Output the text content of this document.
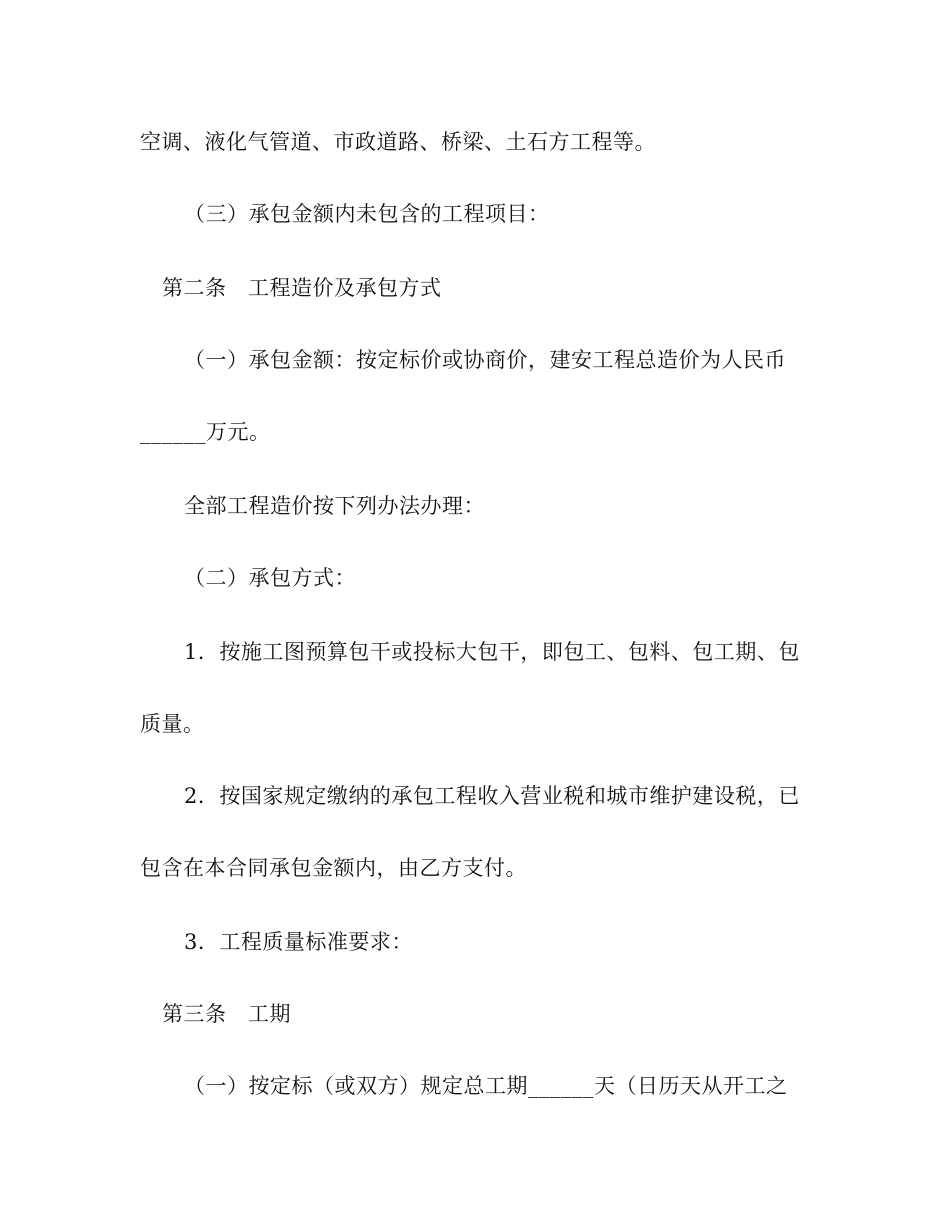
空调、液化气管道、市政道路、桥梁、土石方工程等。

（三）承包金额内未包含的工程项目：

第二条　工程造价及承包方式

（一）承包金额：按定标价或协商价，建安工程总造价为人民币

______万元。

全部工程造价按下列办法办理：

（二）承包方式：

1．按施工图预算包干或投标大包干，即包工、包料、包工期、包

质量。

2．按国家规定缴纳的承包工程收入营业税和城市维护建设税，已

包含在本合同承包金额内，由乙方支付。

3．工程质量标准要求：

第三条　工期

（一）按定标（或双方）规定总工期______天（日历天从开工之
